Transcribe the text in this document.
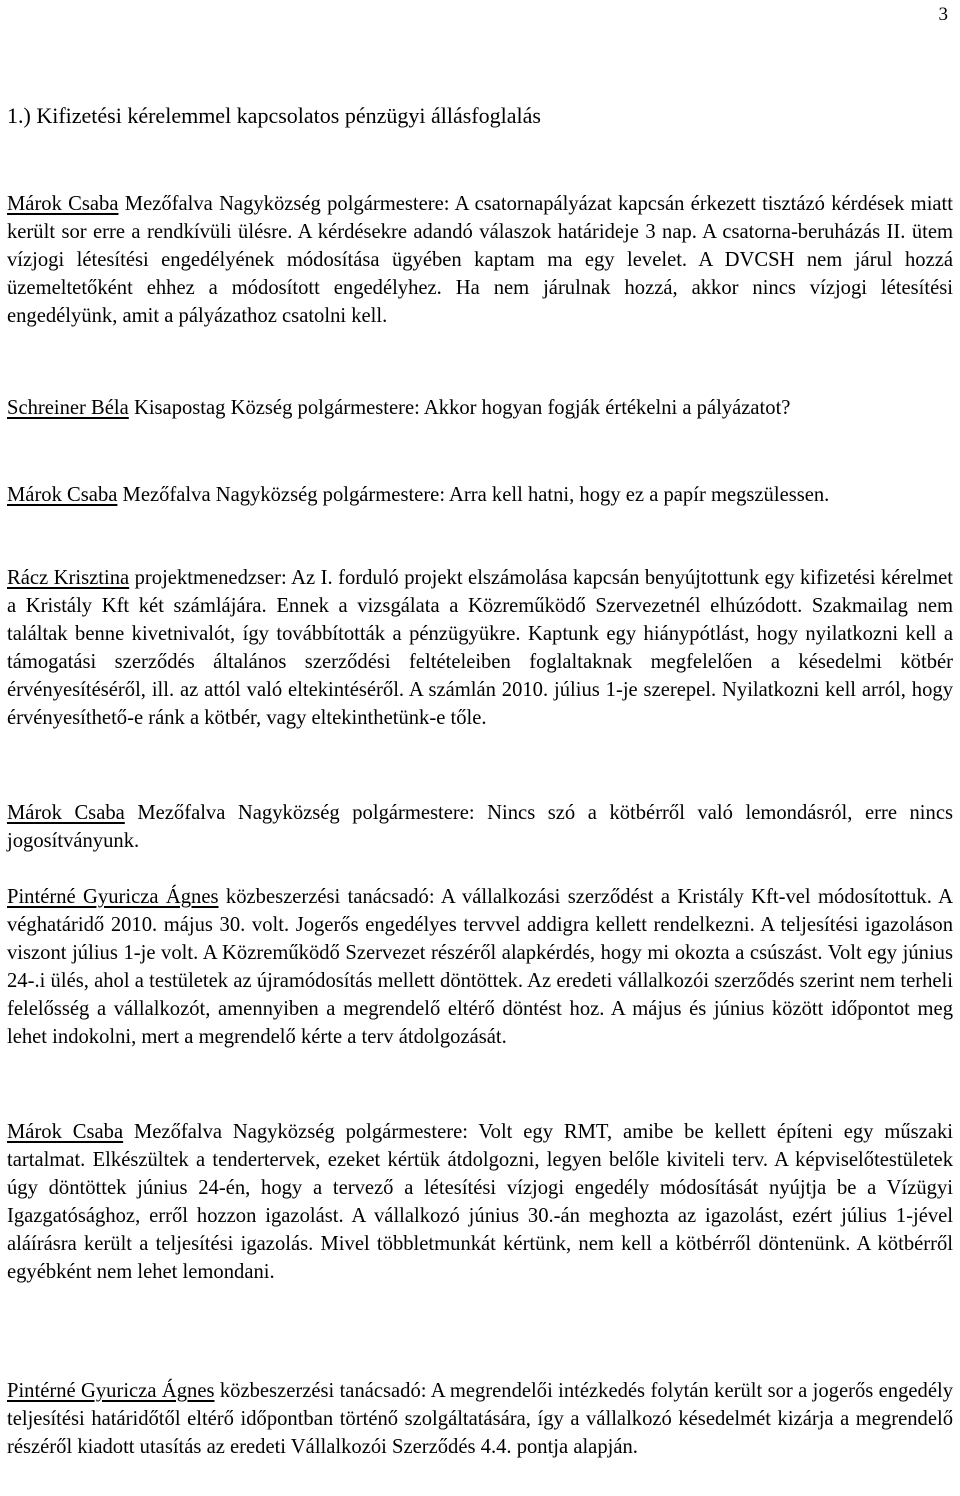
3
1.) Kifizetési kérelemmel kapcsolatos pénzügyi állásfoglalás

Márok Csaba Mezőfalva Nagyközség polgármestere: A csatornapályázat kapcsán érkezett tisztázó kérdések miatt került sor erre a rendkívüli ülésre. A kérdésekre adandó válaszok határideje 3 nap. A csatorna-beruházás II. ütem vízjogi létesítési engedélyének módosítása ügyében kaptam ma egy levelet. A DVCSH nem járul hozzá üzemeltetőként ehhez a módosított engedélyhez. Ha nem járulnak hozzá, akkor nincs vízjogi létesítési engedélyünk, amit a pályázathoz csatolni kell.

Schreiner Béla Kisapostag Község polgármestere: Akkor hogyan fogják értékelni a pályázatot?

Márok Csaba Mezőfalva Nagyközség polgármestere: Arra kell hatni, hogy ez a papír megszülessen.

Rácz Krisztina projektmenedzser: Az I. forduló projekt elszámolása kapcsán benyújtottunk egy kifizetési kérelmet a Kristály Kft két számlájára. Ennek a vizsgálata a Közreműködő Szervezetnél elhúzódott. Szakmailag nem találtak benne kivetnivalót, így továbbították a pénzügyükre. Kaptunk egy hiánypótlást, hogy nyilatkozni kell a támogatási szerződés általános szerződési feltételeiben foglaltaknak megfelelően a késedelmi kötbér érvényesítéséről, ill. az attól való eltekintéséről. A számlán 2010. július 1-je szerepel. Nyilatkozni kell arról, hogy érvényesíthető-e ránk a kötbér, vagy eltekinthetünk-e tőle.

Márok Csaba Mezőfalva Nagyközség polgármestere: Nincs szó a kötbérről való lemondásról, erre nincs jogosítványunk.

Pintérné Gyuricza Ágnes közbeszerzési tanácsadó: A vállalkozási szerződést a Kristály Kft-vel módosítottuk. A véghatáridő 2010. május 30. volt. Jogerős engedélyes tervvel addigra kellett rendelkezni. A teljesítési igazoláson viszont július 1-je volt. A Közreműködő Szervezet részéről alapkérdés, hogy mi okozta a csúszást. Volt egy június 24-.i ülés, ahol a testületek az újramódosítás mellett döntöttek. Az eredeti vállalkozói szerződés szerint nem terheli felelősség a vállalkozót, amennyiben a megrendelő eltérő döntést hoz. A május és június között időpontot meg lehet indokolni, mert a megrendelő kérte a terv átdolgozását.

Márok Csaba Mezőfalva Nagyközség polgármestere: Volt egy RMT, amibe be kellett építeni egy műszaki tartalmat. Elkészültek a tendertervek, ezeket kértük átdolgozni, legyen belőle kiviteli terv. A képviselőtestületek úgy döntöttek június 24-én, hogy a tervező a létesítési vízjogi engedély módosítását nyújtja be a Vízügyi Igazgatósághoz, erről hozzon igazolást. A vállalkozó június 30.-án meghozta az igazolást, ezért július 1-jével aláírásra került a teljesítési igazolás. Mivel többletmunkát kértünk, nem kell a kötbérről döntenünk. A kötbérről egyébként nem lehet lemondani.

Pintérné Gyuricza Ágnes közbeszerzési tanácsadó: A megrendelői intézkedés folytán került sor a jogerős engedély teljesítési határidőtől eltérő időpontban történő szolgáltatására, így a vállalkozó késedelmét kizárja a megrendelő részéről kiadott utasítás az eredeti Vállalkozói Szerződés 4.4. pontja alapján.
